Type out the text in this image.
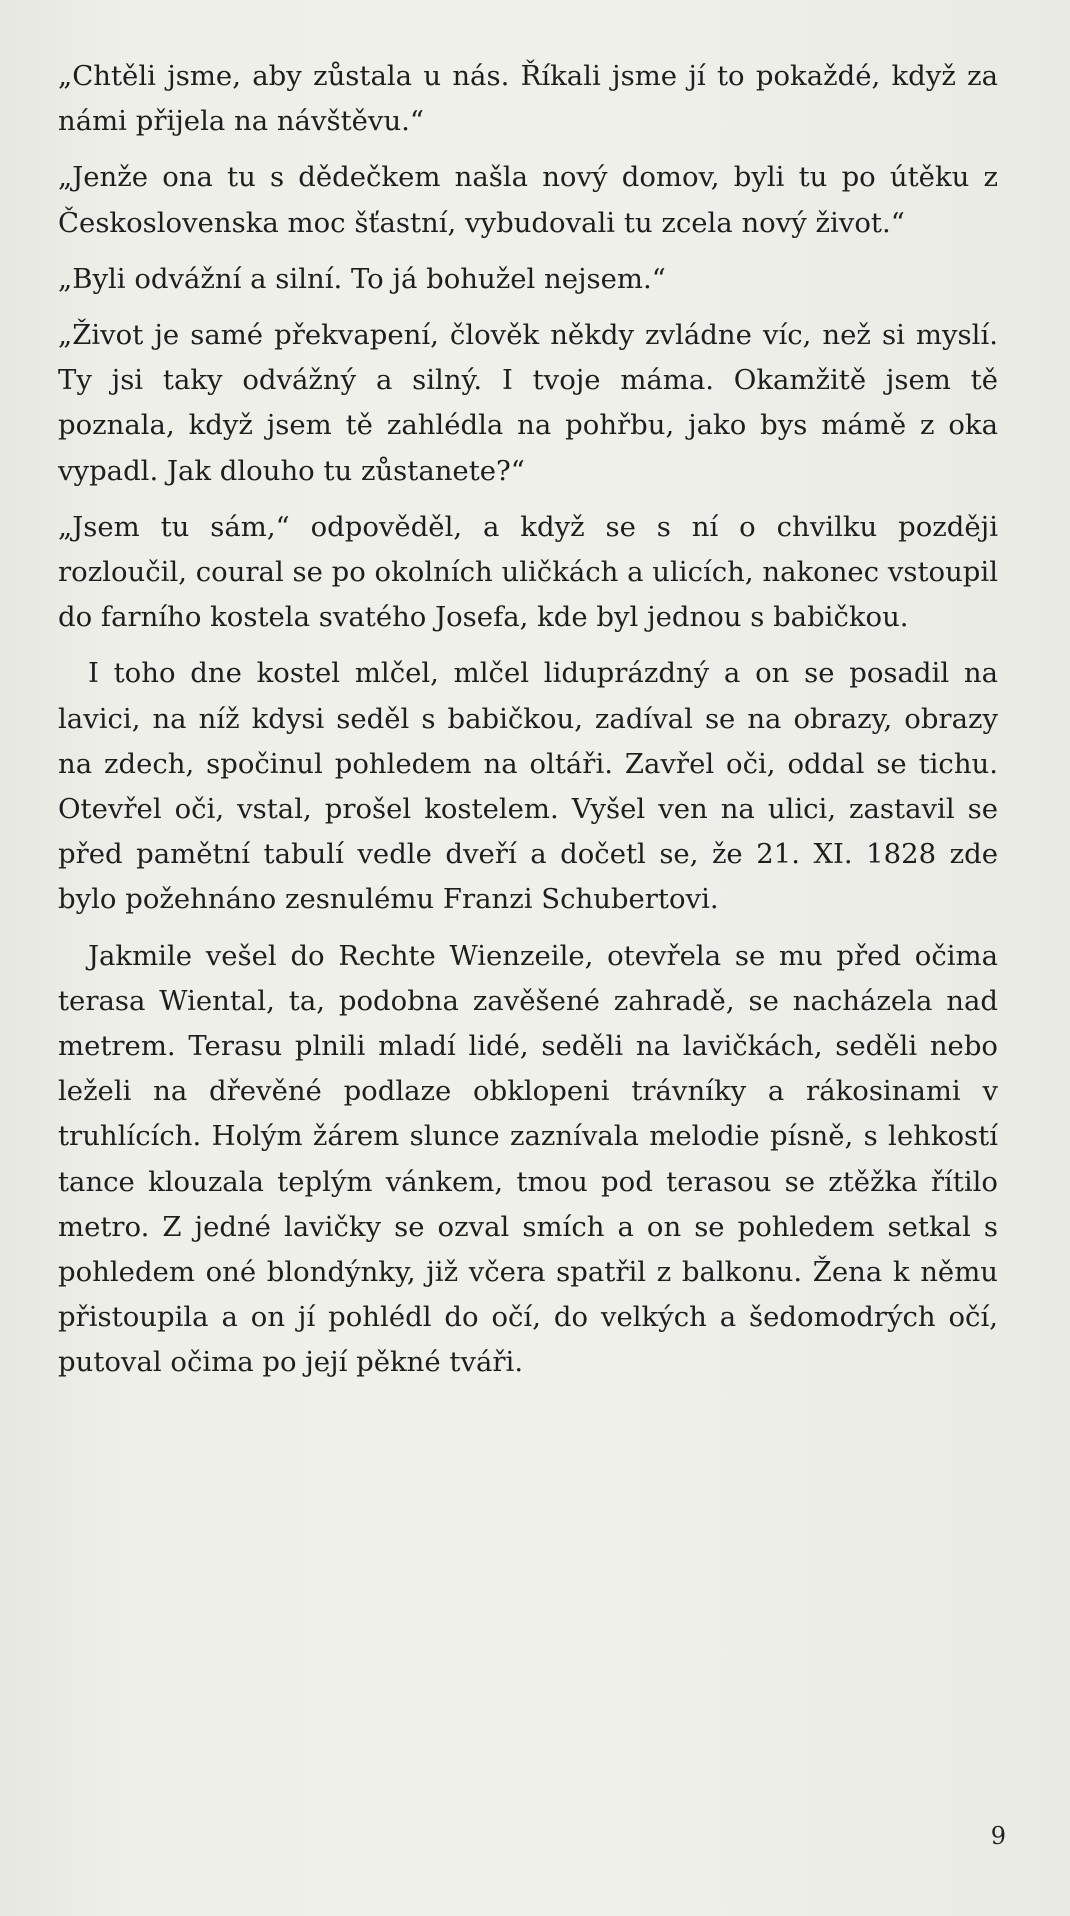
„Chtěli jsme, aby zůstala u nás. Říkali jsme jí to pokaždé, když za námi přijela na návštěvu.“

„Jenže ona tu s dědečkem našla nový domov, byli tu po útěku z Československa moc šťastní, vybudovali tu zcela nový život.“

„Byli odvážní a silní. To já bohužel nejsem.“

„Život je samé překvapení, člověk někdy zvládne víc, než si myslí. Ty jsi taky odvážný a silný. I tvoje máma. Okamžitě jsem tě poznala, když jsem tě zahlédla na pohřbu, jako bys mámě z oka vypadl. Jak dlouho tu zůstanete?“

„Jsem tu sám,“ odpověděl, a když se s ní o chvilku později rozloučil, coural se po okolních uličkách a ulicích, nakonec vstoupil do farního kostela svatého Josefa, kde byl jednou s babičkou.

I toho dne kostel mlčel, mlčel liduprázdný a on se posadil na lavici, na níž kdysi seděl s babičkou, zadíval se na obrazy, obrazy na zdech, spočinul pohledem na oltáři. Zavřel oči, oddal se tichu. Otevřel oči, vstal, prošel kostelem. Vyšel ven na ulici, zastavil se před pamětní tabulí vedle dveří a dočetl se, že 21. XI. 1828 zde bylo požehnáno zesnulému Franzi Schubertovi.

Jakmile vešel do Rechte Wienzeile, otevřela se mu před očima terasa Wiental, ta, podobna zavěšené zahradě, se nacházela nad metrem. Terasu plnili mladí lidé, seděli na lavičkách, seděli nebo leželi na dřevěné podlaze obklopeni trávníky a rákosinami v truhlících. Holým žárem slunce zaznívala melodie písně, s lehkostí tance klouzala teplým vánkem, tmou pod terasou se ztěžka řítilo metro. Z jedné lavičky se ozval smích a on se pohledem setkal s pohledem oné blondýnky, již včera spatřil z balkonu. Žena k němu přistoupila a on jí pohlédl do očí, do velkých a šedomodrých očí, putoval očima po její pěkné tváři.

9
